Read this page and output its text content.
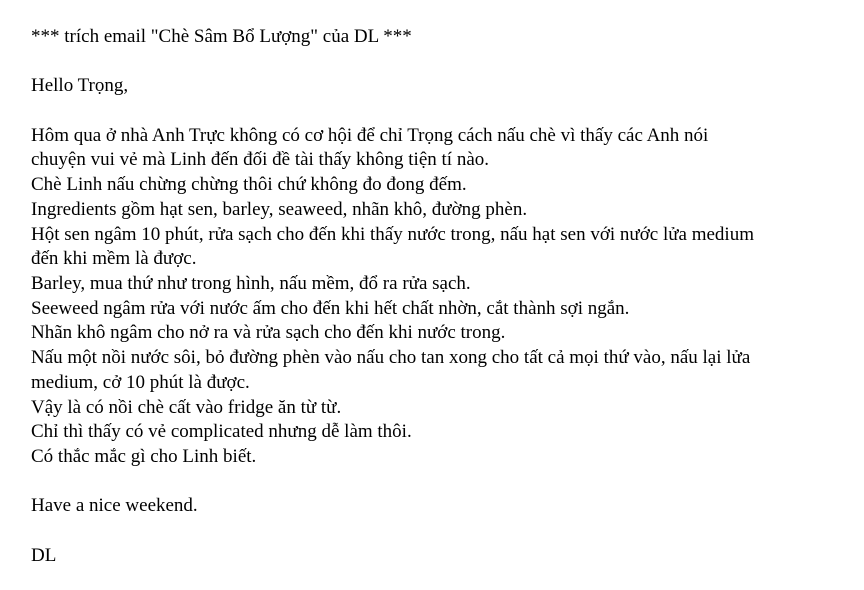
*** trích email "Chè Sâm Bổ Lượng" của DL ***

Hello Trọng,

Hôm qua ở nhà Anh Trực không có cơ hội để chỉ Trọng cách nấu chè vì thấy các Anh nói

chuyện vui vẻ mà Linh đến đối đề tài thấy không tiện tí nào.

Chè Linh nấu chừng chừng thôi chứ không đo đong đếm.

Ingredients gồm hạt sen, barley, seaweed, nhãn khô, đường phèn.

Hột sen ngâm 10 phút, rửa sạch cho đến khi thấy nước trong, nấu hạt sen với nước lửa medium

đến khi mềm là được.

Barley, mua thứ như trong hình, nấu mềm, đổ ra rửa sạch.

Seeweed ngâm rửa với nước ấm cho đến khi hết chất nhờn, cắt thành sợi ngắn.

Nhãn khô ngâm cho nở ra và rửa sạch cho đến khi nước trong.

Nấu một nồi nước sôi, bỏ đường phèn vào nấu cho tan xong cho tất cả mọi thứ vào, nấu lại lửa

medium, cở 10 phút là được.

Vậy là có nồi chè cất vào fridge ăn từ từ.

Chỉ thì thấy có vẻ complicated nhưng dễ làm thôi.

Có thắc mắc gì cho Linh biết.

Have a nice weekend.

DL
